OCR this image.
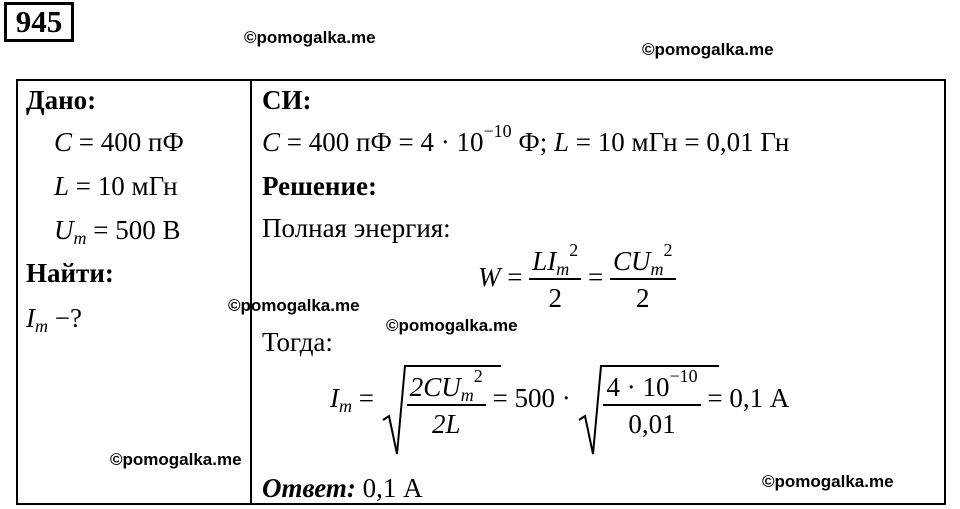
945
Дано:
C = 400 пФ
L = 10 мГн
$U_m = 500$ В
Найти:
$I_m$ −?
СИ:
C = 400 пФ = $4 \cdot 10^{-10}$ Ф; L = 10 мГн = 0,01 Гн
Решение:
Полная энергия:
$W = \frac{LI_m^2}{2} = \frac{CU_m^2}{2}$
Тогда:
$I_m = \frac{2CU_m^2}{2L} = 500 \cdot \frac{4 \cdot 10^{-10}}{0,01} = 0,1$ А
Ответ: 0,1 А
©pomogalka.me
©pomogalka.me
©pomogalka.me
©pomogalka.me
©pomogalka.me
©pomogalka.me
